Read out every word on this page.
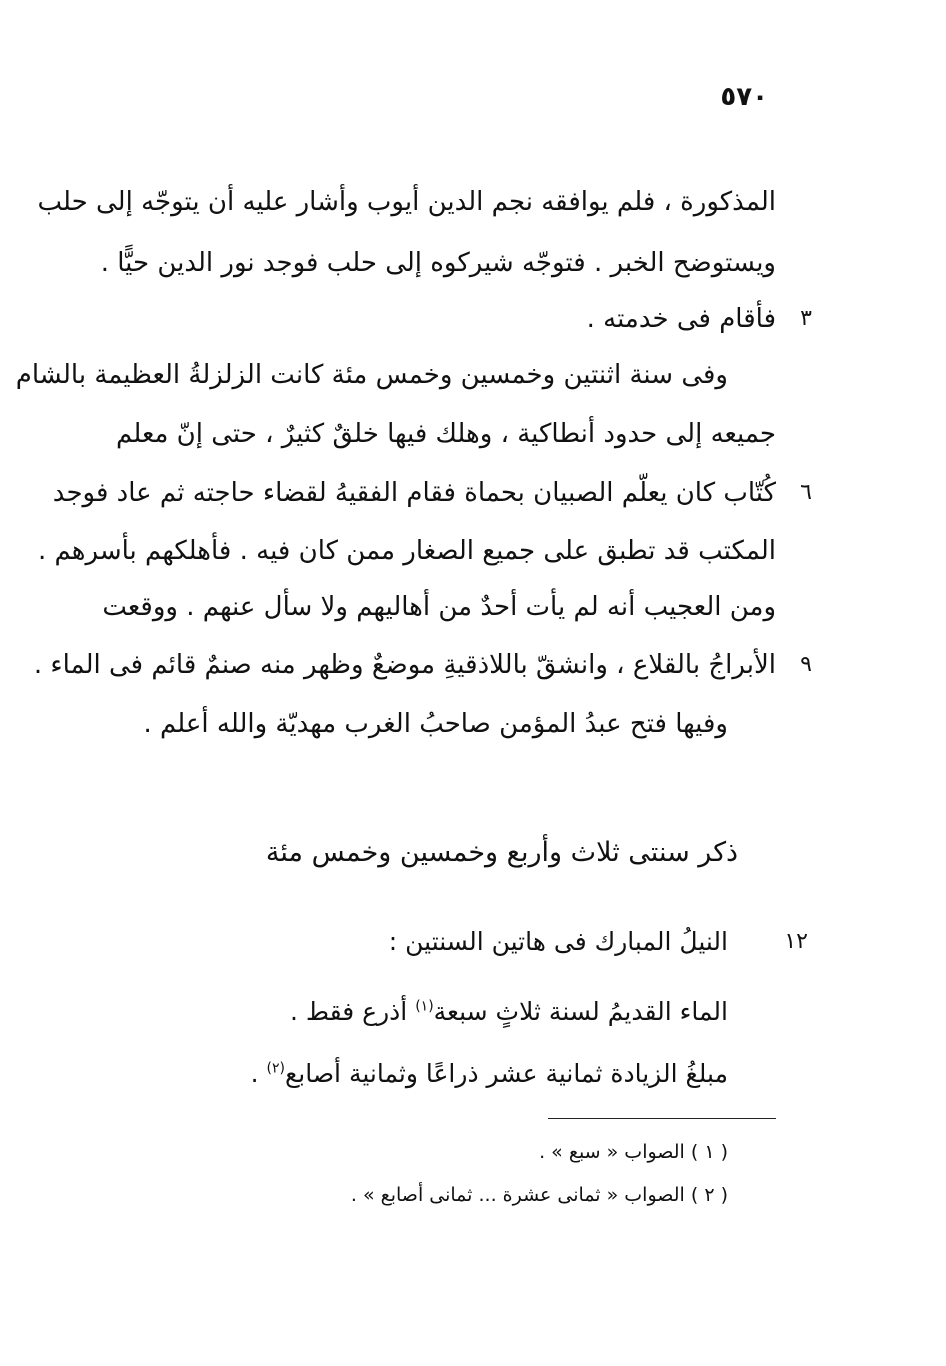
٥٧٠
المذكورة ، فلم يوافقه نجم الدين أيوب وأشار عليه أن يتوجّه إلى حلب
ويستوضح الخبر . فتوجّه شيركوه إلى حلب فوجد نور الدين حيًّا .
فأقام فى خدمته . ٣
وفى سنة اثنتين وخمسين وخمس مئة كانت الزلزلةُ العظيمة بالشام
جميعه إلى حدود أنطاكية ، وهلك فيها خلقٌ كثيرٌ ، حتى إنّ معلم
كُتّاب كان يعلّم الصبيان بحماة فقام الفقيهُ لقضاء حاجته ثم عاد فوجد ٦
المكتب قد تطبق على جميع الصغار ممن كان فيه . فأهلكهم بأسرهم .
ومن العجيب أنه لم يأت أحدٌ من أهاليهم ولا سأل عنهم . ووقعت
الأبراجُ بالقلاع ، وانشقّ باللاذقيةِ موضعٌ وظهر منه صنمٌ قائم فى الماء . ٩
وفيها فتح عبدُ المؤمن صاحبُ الغرب مهديّة والله أعلم .
ذكر سنتى ثلاث وأربع وخمسين وخمس مئة
النيلُ المبارك فى هاتين السنتين :	١٢
الماء القديمُ لسنة ثلاثٍ سبعة$^{(١)}$ أذرع فقط .
مبلغُ الزيادة ثمانية عشر ذراعًا وثمانية أصابع$^{(٢)}$ .
( ١ ) الصواب « سبع » .
( ٢ ) الصواب « ثمانى عشرة ... ثمانى أصابع » .
